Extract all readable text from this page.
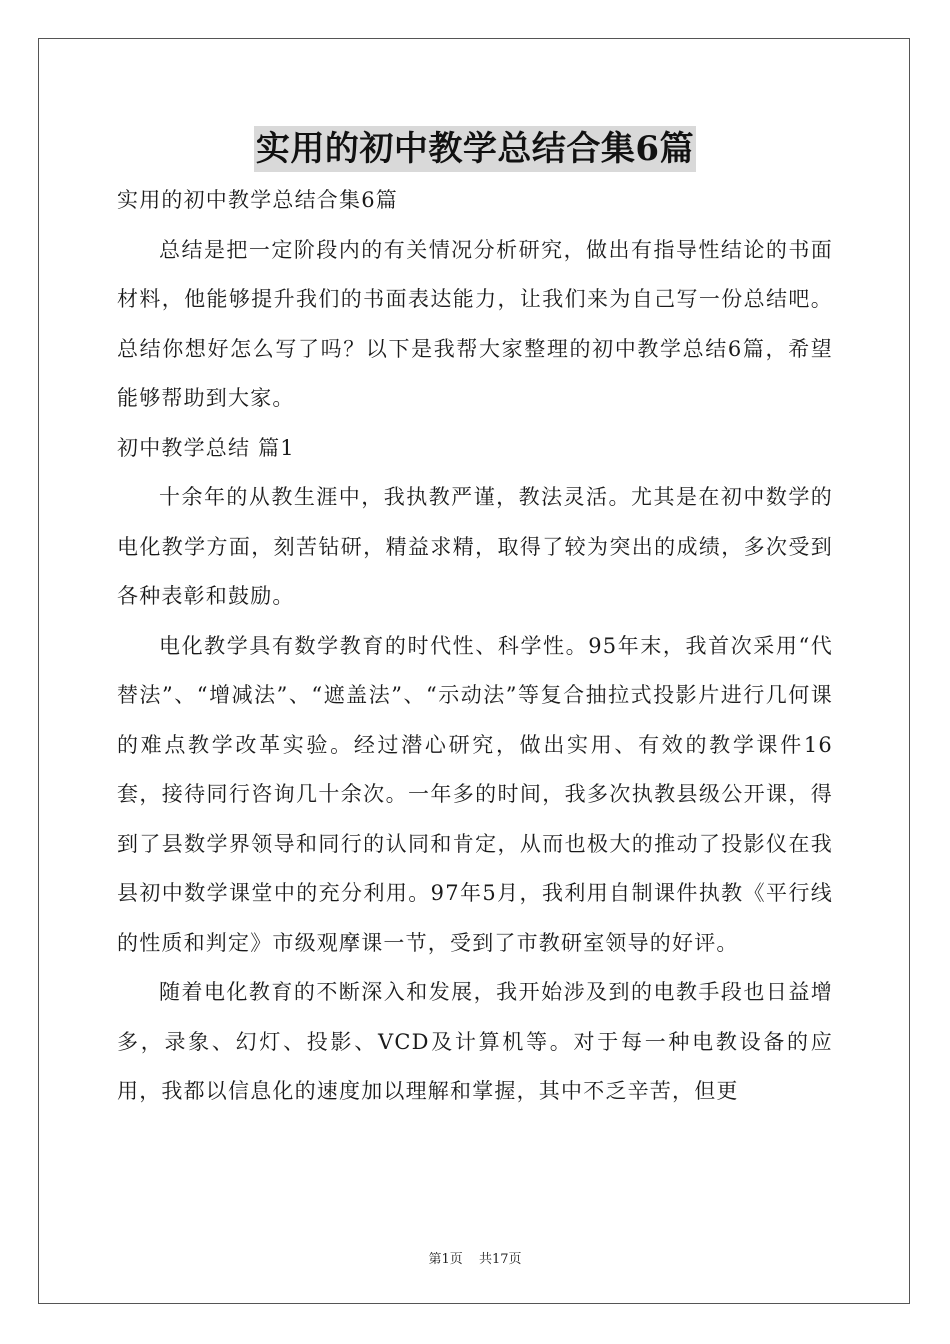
实用的初中教学总结合集6篇

实用的初中教学总结合集6篇

总结是把一定阶段内的有关情况分析研究，做出有指导性结论的书面材料，他能够提升我们的书面表达能力，让我们来为自己写一份总结吧。总结你想好怎么写了吗？以下是我帮大家整理的初中教学总结6篇，希望能够帮助到大家。

初中教学总结 篇1

十余年的从教生涯中，我执教严谨，教法灵活。尤其是在初中数学的电化教学方面，刻苦钻研，精益求精，取得了较为突出的成绩，多次受到各种表彰和鼓励。

电化教学具有数学教育的时代性、科学性。95年末，我首次采用“代替法”、“增减法”、“遮盖法”、“示动法”等复合抽拉式投影片进行几何课的难点教学改革实验。经过潜心研究，做出实用、有效的教学课件16套，接待同行咨询几十余次。一年多的时间，我多次执教县级公开课，得到了县数学界领导和同行的认同和肯定，从而也极大的推动了投影仪在我县初中数学课堂中的充分利用。97年5月，我利用自制课件执教《平行线的性质和判定》市级观摩课一节，受到了市教研室领导的好评。

随着电化教育的不断深入和发展，我开始涉及到的电教手段也日益增多，录象、幻灯、投影、VCD及计算机等。对于每一种电教设备的应用，我都以信息化的速度加以理解和掌握，其中不乏辛苦，但更

第1页 共17页
